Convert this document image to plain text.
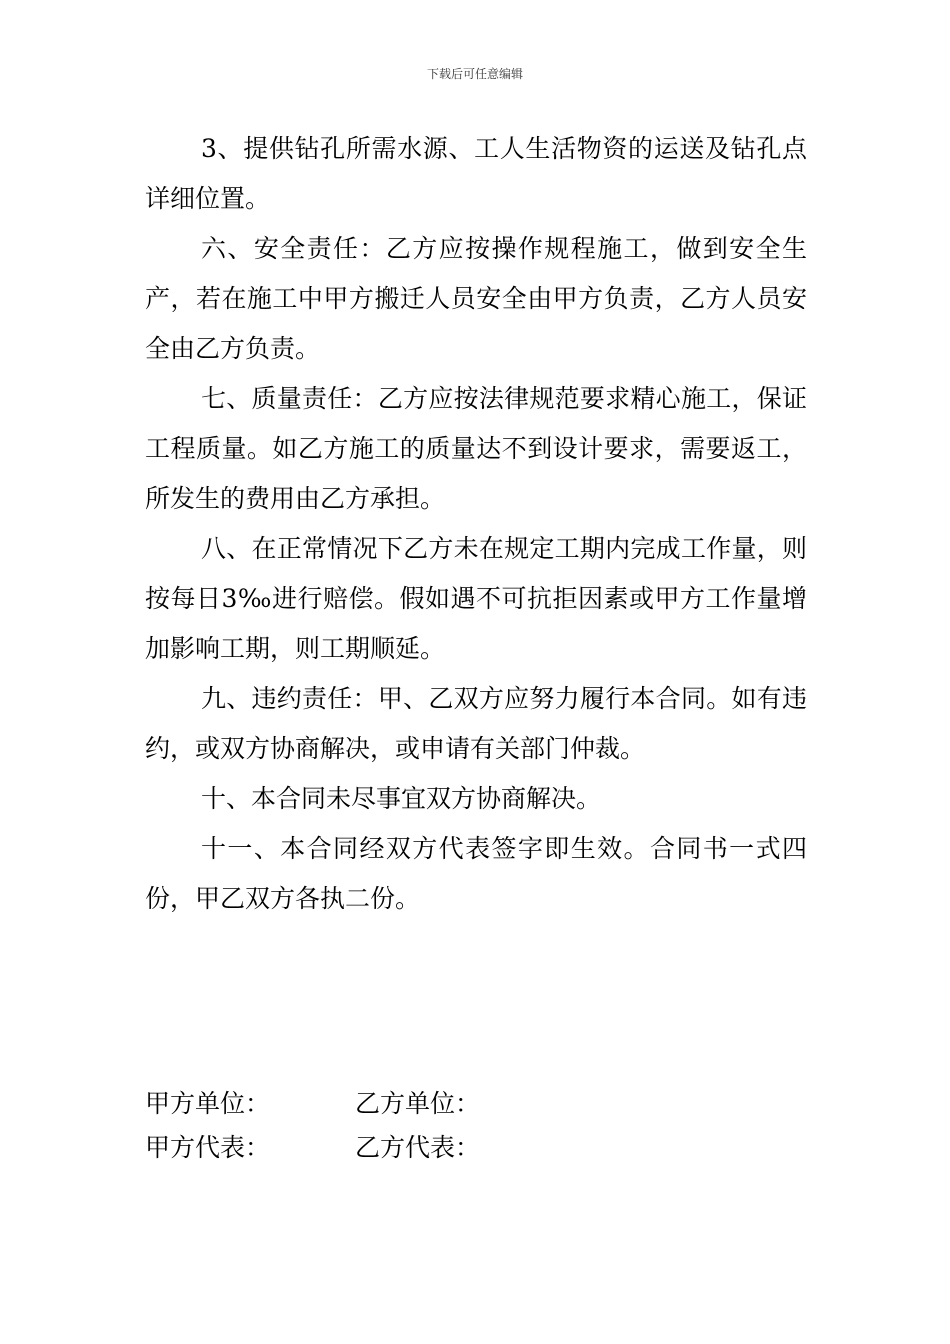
下载后可任意编辑

3、提供钻孔所需水源、工人生活物资的运送及钻孔点详细位置。

六、安全责任：乙方应按操作规程施工，做到安全生产，若在施工中甲方搬迁人员安全由甲方负责，乙方人员安全由乙方负责。

七、质量责任：乙方应按法律规范要求精心施工，保证工程质量。如乙方施工的质量达不到设计要求，需要返工，所发生的费用由乙方承担。

八、在正常情况下乙方未在规定工期内完成工作量，则按每日3‰进行赔偿。假如遇不可抗拒因素或甲方工作量增加影响工期，则工期顺延。

九、违约责任：甲、乙双方应努力履行本合同。如有违约，或双方协商解决，或申请有关部门仲裁。

十、本合同未尽事宜双方协商解决。

十一、本合同经双方代表签字即生效。合同书一式四份，甲乙双方各执二份。

甲方单位：	乙方单位：
甲方代表：	乙方代表：
